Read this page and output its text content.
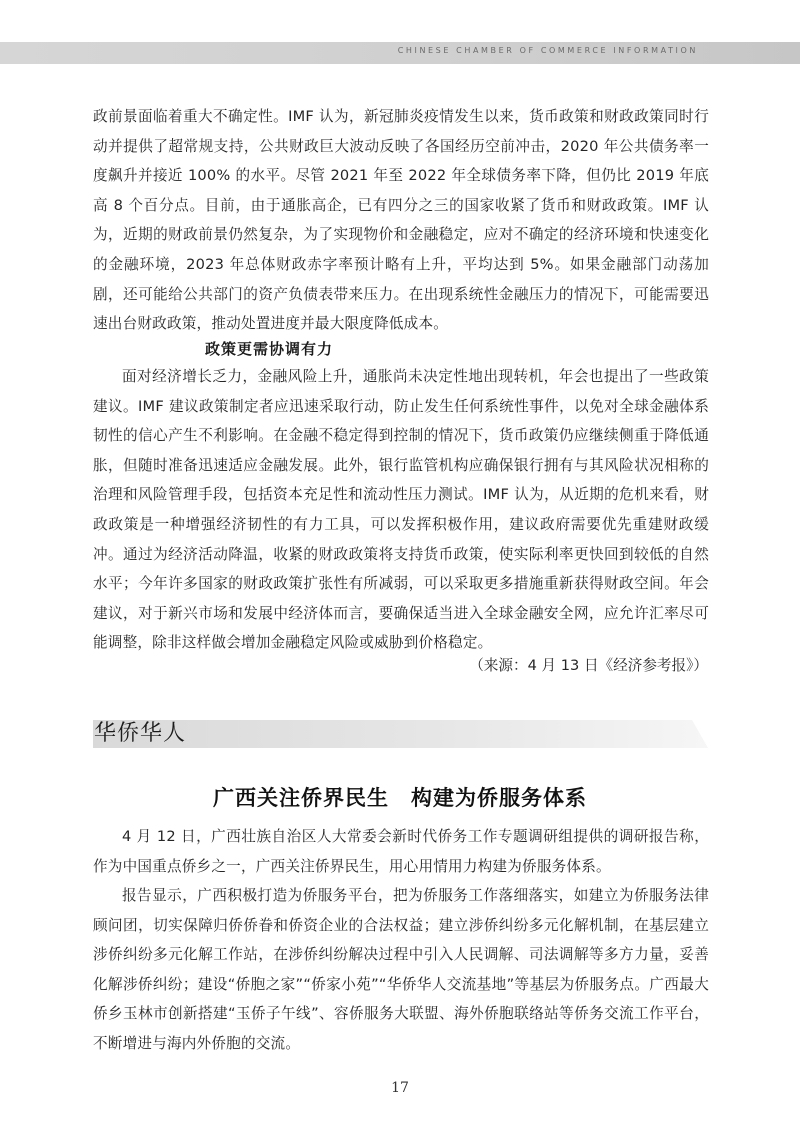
CHINESE CHAMBER OF COMMERCE INFORMATION

政前景面临着重大不确定性。IMF 认为，新冠肺炎疫情发生以来，货币政策和财政政策同时行动并提供了超常规支持，公共财政巨大波动反映了各国经历空前冲击，2020 年公共债务率一度飙升并接近 100% 的水平。尽管 2021 年至 2022 年全球债务率下降，但仍比 2019 年底高 8 个百分点。目前，由于通胀高企，已有四分之三的国家收紧了货币和财政政策。IMF 认为，近期的财政前景仍然复杂，为了实现物价和金融稳定，应对不确定的经济环境和快速变化的金融环境，2023 年总体财政赤字率预计略有上升，平均达到 5%。如果金融部门动荡加剧，还可能给公共部门的资产负债表带来压力。在出现系统性金融压力的情况下，可能需要迅速出台财政政策，推动处置进度并最大限度降低成本。

政策更需协调有力

面对经济增长乏力，金融风险上升，通胀尚未决定性地出现转机，年会也提出了一些政策建议。IMF 建议政策制定者应迅速采取行动，防止发生任何系统性事件，以免对全球金融体系韧性的信心产生不利影响。在金融不稳定得到控制的情况下，货币政策仍应继续侧重于降低通胀，但随时准备迅速适应金融发展。此外，银行监管机构应确保银行拥有与其风险状况相称的治理和风险管理手段，包括资本充足性和流动性压力测试。IMF 认为，从近期的危机来看，财政政策是一种增强经济韧性的有力工具，可以发挥积极作用，建议政府需要优先重建财政缓冲。通过为经济活动降温，收紧的财政政策将支持货币政策，使实际利率更快回到较低的自然水平；今年许多国家的财政政策扩张性有所减弱，可以采取更多措施重新获得财政空间。年会建议，对于新兴市场和发展中经济体而言，要确保适当进入全球金融安全网，应允许汇率尽可能调整，除非这样做会增加金融稳定风险或威胁到价格稳定。

（来源：4 月 13 日《经济参考报》）
华侨华人
广西关注侨界民生　构建为侨服务体系

4 月 12 日，广西壮族自治区人大常委会新时代侨务工作专题调研组提供的调研报告称，作为中国重点侨乡之一，广西关注侨界民生，用心用情用力构建为侨服务体系。

报告显示，广西积极打造为侨服务平台，把为侨服务工作落细落实，如建立为侨服务法律顾问团，切实保障归侨侨眷和侨资企业的合法权益；建立涉侨纠纷多元化解机制，在基层建立涉侨纠纷多元化解工作站，在涉侨纠纷解决过程中引入人民调解、司法调解等多方力量，妥善化解涉侨纠纷；建设“侨胞之家”“侨家小苑”“华侨华人交流基地”等基层为侨服务点。广西最大侨乡玉林市创新搭建“玉侨子午线”、容侨服务大联盟、海外侨胞联络站等侨务交流工作平台，不断增进与海内外侨胞的交流。

17
